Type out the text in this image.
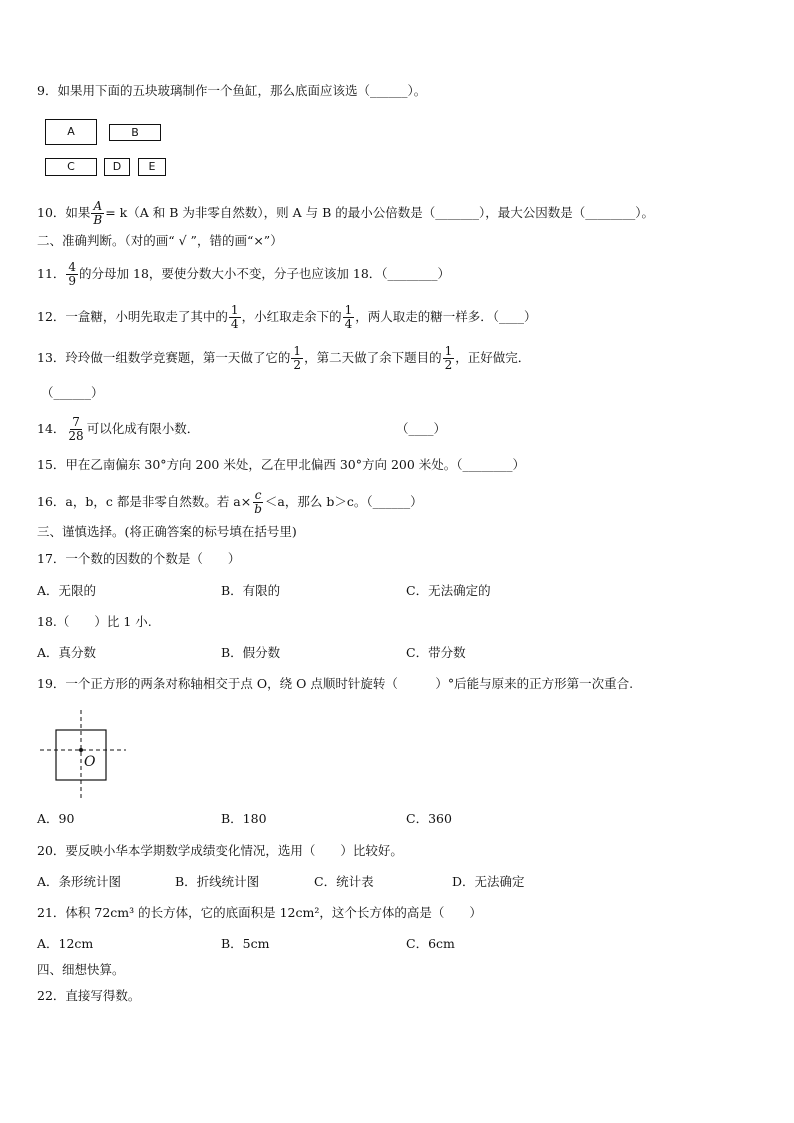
9．如果用下面的五块玻璃制作一个鱼缸，那么底面应该选（______）。
A	B
C	D	E
10．如果 $\frac{A}{B} = k(A$ 和 B 为非零自然数），则 A 与 B 的最小公倍数是（_______），最大公因数是（________）。
二、准确判断。（对的画“ √ ”，错的画“×”）
11． $\frac{4}{9}$ 的分母加 18，要使分数大小不变，分子也应该加 18．（________）
12．一盒糖，小明先取走了其中的 $\frac{1}{4}$ ，小红取走余下的 $\frac{1}{4}$ ，两人取走的糖一样多．（____）
13．玲玲做一组数学竞赛题，第一天做了它的 $\frac{1}{2}$ ，第二天做了余下题目的 $\frac{1}{2}$ ，正好做完．
（______）
14． $\frac{7}{28}$ 可以化成有限小数．	（____）
15．甲在乙南偏东 30°方向 200 米处，乙在甲北偏西 30°方向 200 米处。（________）
16．a，b，c 都是非零自然数。若 $a\times \frac{c}{b} <a$，那么 b＞c。（______）
三、谨慎选择。(将正确答案的标号填在括号里)
17．一个数的因数的个数是（　　）
A．无限的	B．有限的	C．无法确定的
18.（　　）比 1 小.
A．真分数	B．假分数	C．带分数
19．一个正方形的两条对称轴相交于点 O，绕 O 点顺时针旋转（　　　）°后能与原来的正方形第一次重合.
O
A．90	B．180	C．360
20．要反映小华本学期数学成绩变化情况，选用（　　）比较好。
A．条形统计图	B．折线统计图	C．统计表	D．无法确定
21．体积 72cm³ 的长方体，它的底面积是 12cm²，这个长方体的高是（　　）
A．12cm	B．5cm	C．6cm
四、细想快算。
22．直接写得数。
